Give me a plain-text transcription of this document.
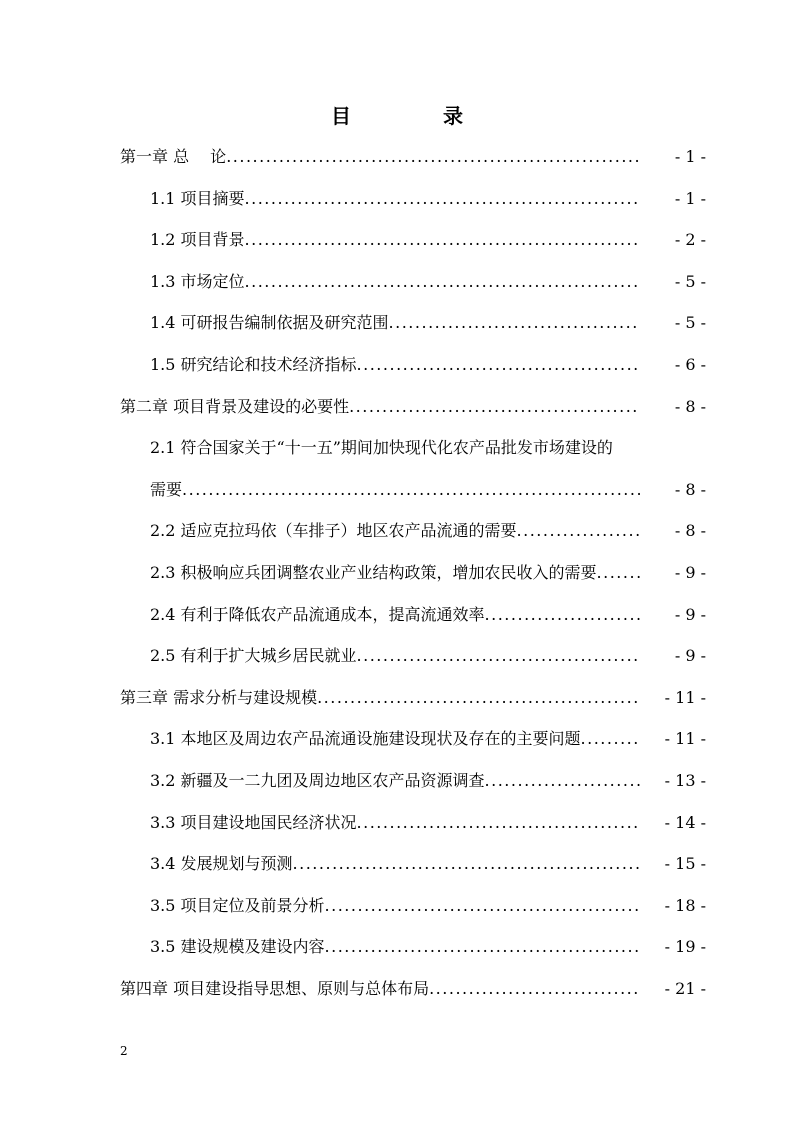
目　录
第一章 总　 论 .....	- 1 -
1.1 项目摘要 .....	- 1 -
1.2 项目背景 .....	- 2 -
1.3 市场定位 .....	- 5 -
1.4 可研报告编制依据及研究范围 .....	- 5 -
1.5 研究结论和技术经济指标 .....	- 6 -
第二章 项目背景及建设的必要性 .....	- 8 -
2.1 符合国家关于“十一五”期间加快现代化农产品批发市场建设的
需要 .....	- 8 -
2.2 适应克拉玛依（车排子）地区农产品流通的需要 .....	- 8 -
2.3 积极响应兵团调整农业产业结构政策，增加农民收入的需要 .....	- 9 -
2.4 有利于降低农产品流通成本，提高流通效率 .....	- 9 -
2.5 有利于扩大城乡居民就业 .....	- 9 -
第三章 需求分析与建设规模 .....	- 11 -
3.1 本地区及周边农产品流通设施建设现状及存在的主要问题 .....	- 11 -
3.2 新疆及一二九团及周边地区农产品资源调查 .....	- 13 -
3.3 项目建设地国民经济状况 .....	- 14 -
3.4 发展规划与预测 .....	- 15 -
3.5 项目定位及前景分析 .....	- 18 -
3.5 建设规模及建设内容 .....	- 19 -
第四章 项目建设指导思想、原则与总体布局 .....	- 21 -
2
